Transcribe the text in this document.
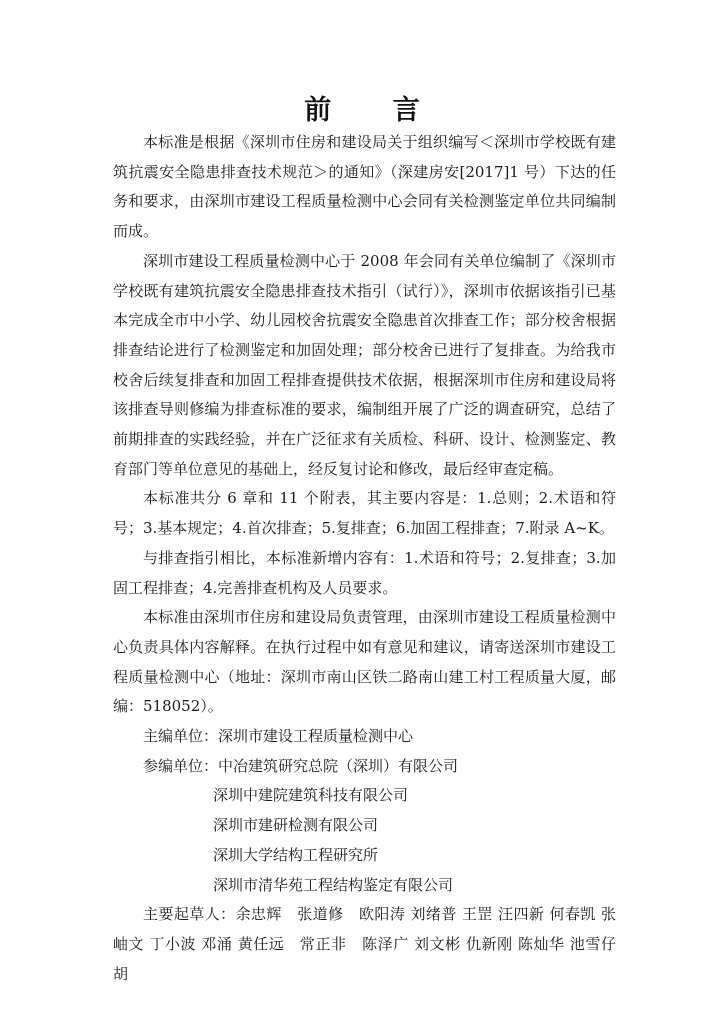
前 言

本标准是根据《深圳市住房和建设局关于组织编写＜深圳市学校既有建筑抗震安全隐患排查技术规范＞的通知》（深建房安[2017]1 号）下达的任务和要求，由深圳市建设工程质量检测中心会同有关检测鉴定单位共同编制而成。

深圳市建设工程质量检测中心于 2008 年会同有关单位编制了《深圳市学校既有建筑抗震安全隐患排查技术指引（试行）》，深圳市依据该指引已基本完成全市中小学、幼儿园校舍抗震安全隐患首次排查工作；部分校舍根据排查结论进行了检测鉴定和加固处理；部分校舍已进行了复排查。为给我市校舍后续复排查和加固工程排查提供技术依据，根据深圳市住房和建设局将该排查导则修编为排查标准的要求，编制组开展了广泛的调查研究，总结了前期排查的实践经验，并在广泛征求有关质检、科研、设计、检测鉴定、教育部门等单位意见的基础上，经反复讨论和修改，最后经审查定稿。

本标准共分 6 章和 11 个附表，其主要内容是：1.总则；2.术语和符号；3.基本规定；4.首次排查；5.复排查；6.加固工程排查；7.附录 A~K。

与排查指引相比，本标准新增内容有：1.术语和符号；2.复排查；3.加固工程排查；4.完善排查机构及人员要求。

本标准由深圳市住房和建设局负责管理，由深圳市建设工程质量检测中心负责具体内容解释。在执行过程中如有意见和建议，请寄送深圳市建设工程质量检测中心（地址：深圳市南山区铁二路南山建工村工程质量大厦，邮编：518052）。

主编单位：深圳市建设工程质量检测中心

参编单位：中冶建筑研究总院（深圳）有限公司

深圳中建院建筑科技有限公司

深圳市建研检测有限公司

深圳大学结构工程研究所

深圳市清华苑工程结构鉴定有限公司

主要起草人：余忠辉　张道修　欧阳涛 刘绪普 王罡 汪四新 何春凯 张岫文 丁小波 邓涌 黄任远　常正非　陈泽广 刘文彬 仇新刚 陈灿华 池雪仔 胡
